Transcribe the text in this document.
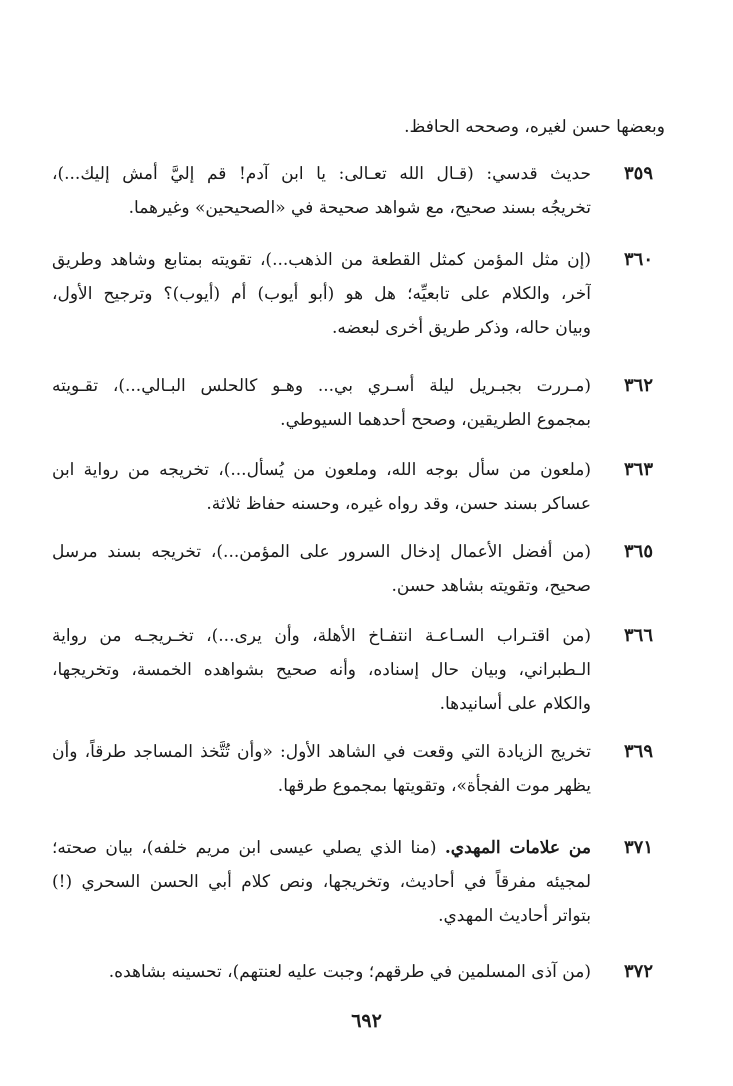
وبعضها حسن لغيره، وصححه الحافظ.
٣٥٩
حديث قدسي: (قـال الله تعـالى: يا ابن آدم! قم إليَّ أمش إليك...)،
تخريجُه بسند صحيح، مع شواهد صحيحة في «الصحيحين» وغيرهما.
٣٦٠
(إن مثل المؤمن كمثل القطعة من الذهب...)، تقويته بمتابع وشاهد وطريق
آخر، والكلام على تابعيِّه؛ هل هو (أبو أيوب) أم (أيوب)؟ وترجيح الأول،
وبيان حاله، وذكر طريق أخرى لبعضه.
٣٦٢
(مـررت بجبـريل ليلة أسـري بي... وهـو كالحلس البـالي...)، تقـويته
بمجموع الطريقين، وصحح أحدهما السيوطي.
٣٦٣
(ملعون من سأل بوجه الله، وملعون من يُسأل...)، تخريجه من رواية ابن
عساكر بسند حسن، وقد رواه غيره، وحسنه حفاظ ثلاثة.
٣٦٥
(من أفضل الأعمال إدخال السرور على المؤمن...)، تخريجه بسند مرسل
صحيح، وتقويته بشاهد حسن.
٣٦٦
(من اقتـراب السـاعـة انتفـاخ الأهلة، وأن يرى...)، تخـريجـه من رواية
الـطبراني، وبيان حال إسناده، وأنه صحيح بشواهده الخمسة، وتخريجها،
والكلام على أسانيدها.
٣٦٩
تخريج الزيادة التي وقعت في الشاهد الأول: «وأن تُتَّخذ المساجد طرقاً، وأن
يظهر موت الفجأة»، وتقويتها بمجموع طرقها.
٣٧١
من علامات المهدي. (منا الذي يصلي عيسى ابن مريم خلفه)، بيان صحته؛
لمجيئه مفرقاً في أحاديث، وتخريجها، ونص كلام أبي الحسن السحري (!)
بتواتر أحاديث المهدي.
٣٧٢
(من آذى المسلمين في طرقهم؛ وجبت عليه لعنتهم)، تحسينه بشاهده.
٦٩٢
